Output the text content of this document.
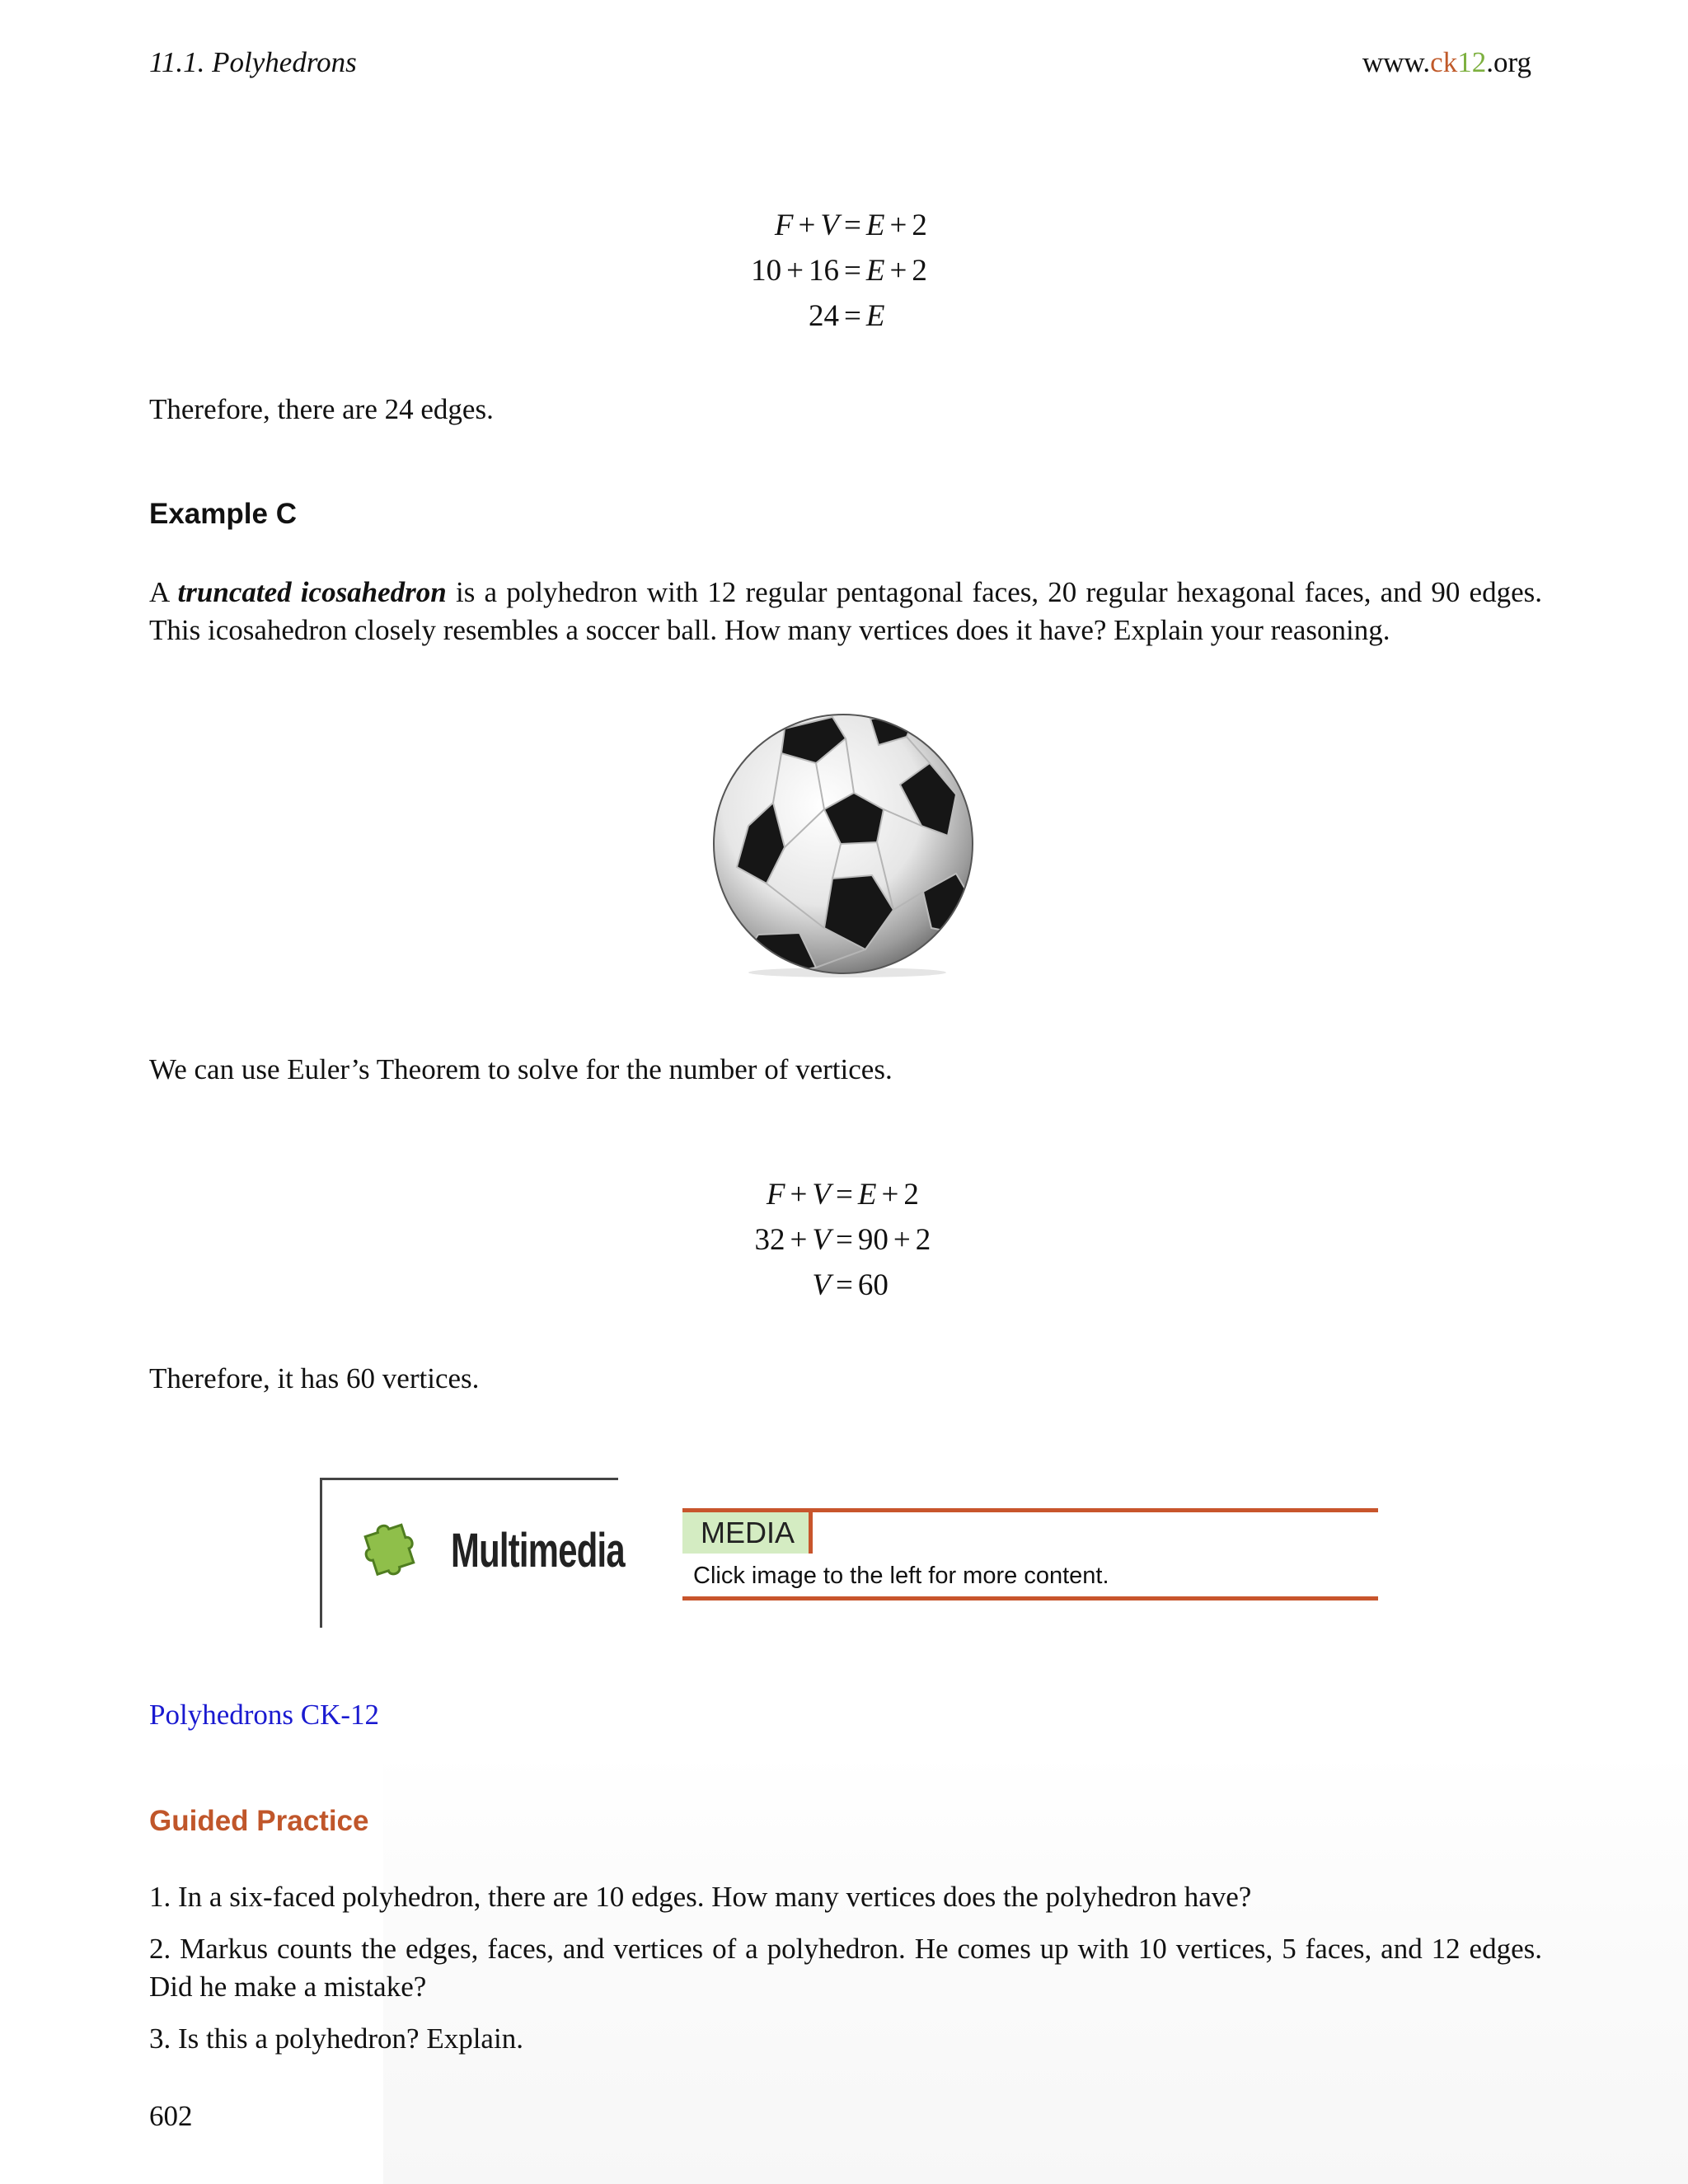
11.1. Polyhedrons	www.ck12.org
F + V = E + 2
10 + 16 = E + 2
24 = E
Therefore, there are 24 edges.
Example C
A truncated icosahedron is a polyhedron with 12 regular pentagonal faces, 20 regular hexagonal faces, and 90 edges. This icosahedron closely resembles a soccer ball. How many vertices does it have? Explain your reasoning.
We can use Euler’s Theorem to solve for the number of vertices.
F + V = E + 2
32 + V = 90 + 2
V = 60
Therefore, it has 60 vertices.
Multimedia	MEDIA
Click image to the left for more content.
Polyhedrons CK-12
Guided Practice
1. In a six-faced polyhedron, there are 10 edges. How many vertices does the polyhedron have?
2. Markus counts the edges, faces, and vertices of a polyhedron. He comes up with 10 vertices, 5 faces, and 12 edges. Did he make a mistake?
3. Is this a polyhedron? Explain.
602
